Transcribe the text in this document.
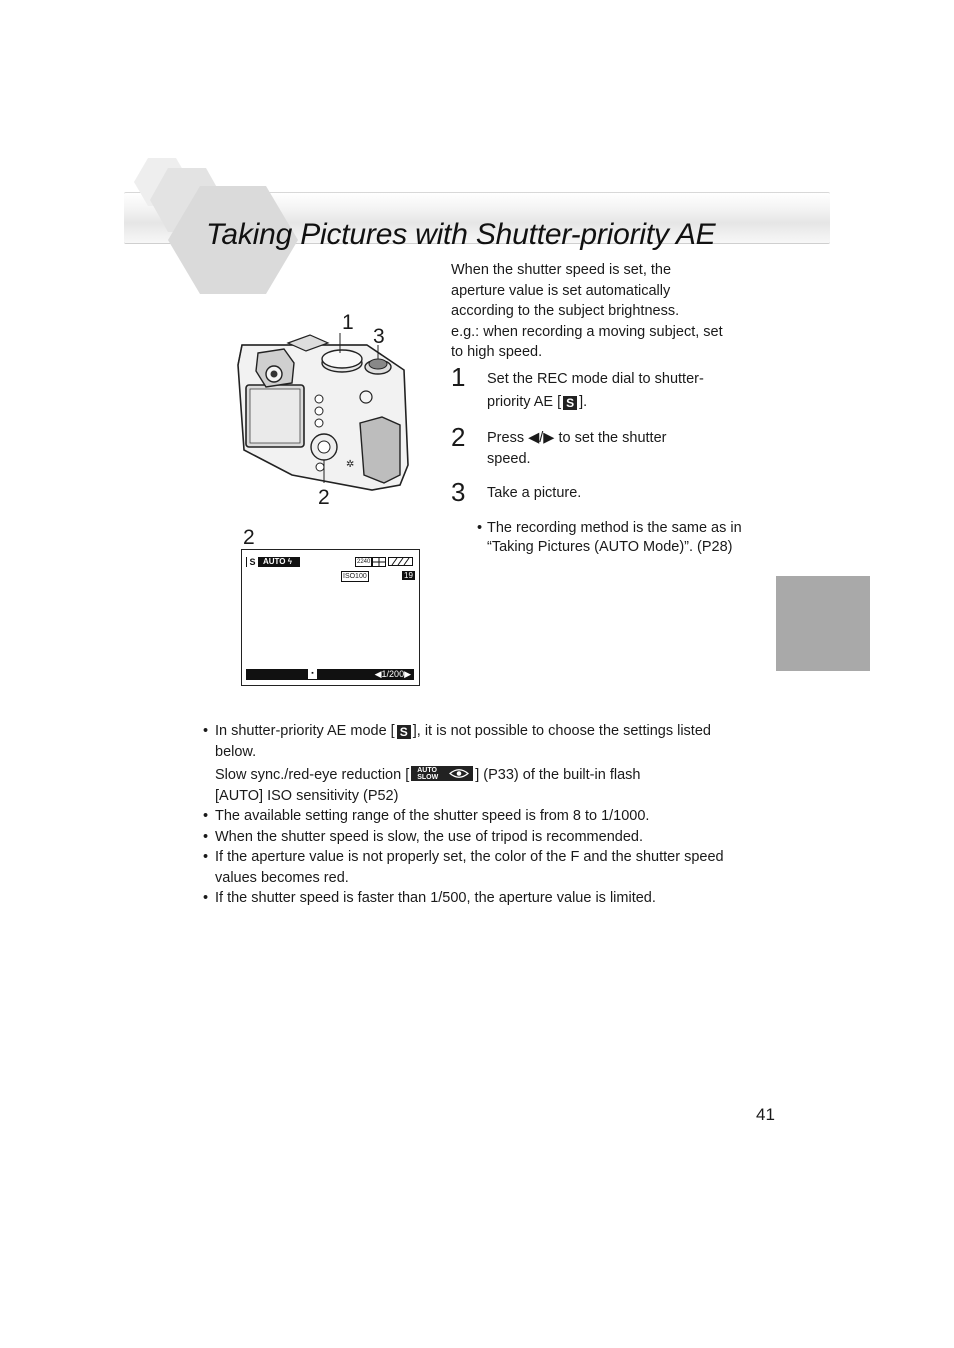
Taking Pictures with Shutter-priority AE
When the shutter speed is set, the
aperture value is set automatically
according to the subject brightness.
e.g.: when recording a moving subject, set
to high speed.
1 Set the REC mode dial to shutter-
priority AE [ S ].
2 Press ◀/▶ to set the shutter
speed.
3 Take a picture.
• The recording method is the same as in “Taking Pictures (AUTO Mode)”. (P28)
✲
1
3
2
2
S AUTO ϟ	2240
ISO100	19
▪	◀1/200▶
• In shutter-priority AE mode [ S ], it is not possible to choose the settings listed below.
Slow sync./red-eye reduction [ AUTO
SLOW	] (P33) of the built-in flash
[AUTO] ISO sensitivity (P52)
• The available setting range of the shutter speed is from 8 to 1/1000.
• When the shutter speed is slow, the use of tripod is recommended.
• If the aperture value is not properly set, the color of the F and the shutter speed values becomes red.
• If the shutter speed is faster than 1/500, the aperture value is limited.
41
